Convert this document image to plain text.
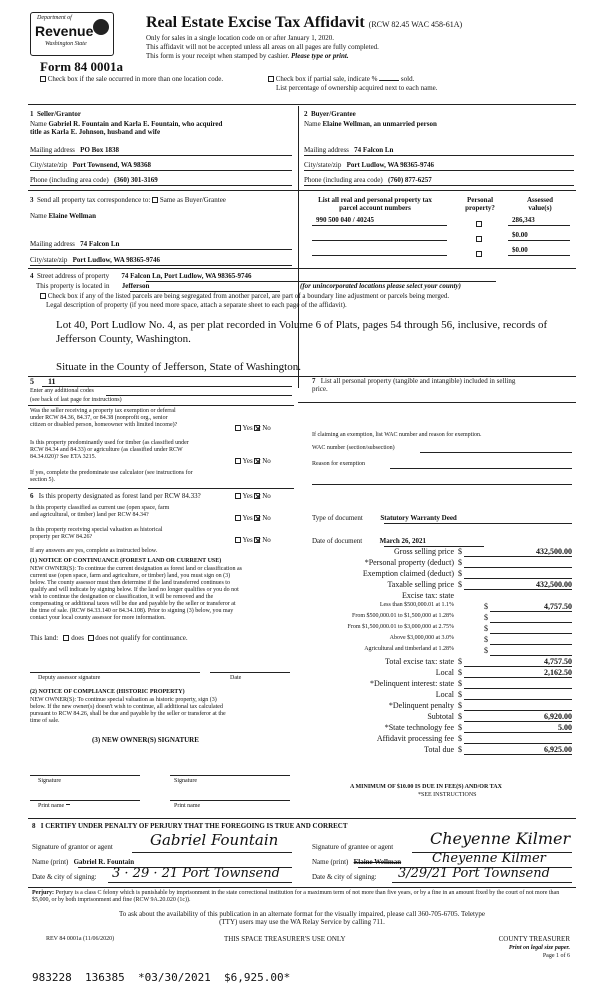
Department of
Revenue
Washington State
Real Estate Excise Tax Affidavit (RCW 82.45 WAC 458-61A)
Only for sales in a single location code on or after January 1, 2020.
This affidavit will not be accepted unless all areas on all pages are fully completed.
This form is your receipt when stamped by cashier. Please type or print.
Form 84 0001a
Check box if the sale occurred in more than one location code.	Check box if partial sale, indicate %	sold.
List percentage of ownership acquired next to each name.
1 Seller/Grantor
Name Gabriel R. Fountain and Karla E. Fountain, who acquired
title as Karla E. Johnson, husband and wife
Mailing address PO Box 1838
City/state/zip Port Townsend, WA 98368
Phone (including area code) (360) 301-3169
2 Buyer/Grantee
Name Elaine Wellman, an unmarried person
Mailing address 74 Falcon Ln
City/state/zip Port Ludlow, WA 98365-9746
Phone (including area code) (760) 877-6257
3 Send all property tax correspondence to: Same as Buyer/Grantee
Name Elaine Wellman
Mailing address 74 Falcon Ln
City/state/zip Port Ludlow, WA 98365-9746
List all real and personal property tax
parcel account numbers
Personal
property?
Assessed
value(s)
990 500 040 / 40245	286,343
$0.00
$0.00
4 Street address of property 74 Falcon Ln, Port Ludlow, WA 98365-9746
This property is located in Jefferson	(for unincorporated locations please select your county)
Check box if any of the listed parcels are being segregated from another parcel, are part of a boundary line adjustment or parcels being merged.
Legal description of property (if you need more space, attach a separate sheet to each page of the affidavit).
Lot 40, Port Ludlow No. 4, as per plat recorded in Volume 6 of Plats, pages 54 through 56, inclusive, records of
Jefferson County, Washington.
Situate in the County of Jefferson, State of Washington.
5 11
Enter any additional codes
(see back of last page for instructions)
Was the seller receiving a property tax exemption or deferral
under RCW 84.36, 84.37, or 84.38 (nonprofit org., senior
citizen or disabled person, homeowner with limited income)?	Yes No
Is this property predominantly used for timber (as classified under
RCW 84.34 and 84.33) or agriculture (as classified under RCW
84.34.020)? See ETA 3215.	Yes No
If yes, complete the predominate use calculator (see instructions for
section 5).
7 List all personal property (tangible and intangible) included in selling
price.
If claiming an exemption, list WAC number and reason for exemption.
WAC number (section/subsection)
Reason for exemption
6 Is this property designated as forest land per RCW 84.33?	Yes No
Is this property classified as current use (open space, farm
and agricultural, or timber) land per RCW 84.34?	Yes No
Is this property receiving special valuation as historical
property per RCW 84.26?	Yes No
If any answers are yes, complete as instructed below.
(1) NOTICE OF CONTINUANCE (FOREST LAND OR CURRENT USE)
NEW OWNER(S): To continue the current designation as forest land or classification as
current use (open space, farm and agriculture, or timber) land, you must sign on (3)
below. The county assessor must then determine if the land transferred continues to
qualify and will indicate by signing below. If the land no longer qualifies or you do not
wish to continue the designation or classification, it will be removed and the
compensating or additional taxes will be due and payable by the seller or transferor at
the time of sale. (RCW 84.33.140 or 84.34.108). Prior to signing (3) below, you may
contact your local county assessor for more information.
This land: does does not qualify for continuance.
Deputy assessor signature	Date
(2) NOTICE OF COMPLIANCE (HISTORIC PROPERTY)
NEW OWNER(S): To continue special valuation as historic property, sign (3)
below. If the new owner(s) doesn't wish to continue, all additional tax calculated
pursuant to RCW 84.26, shall be due and payable by the seller or transferor at the
time of sale.
(3) NEW OWNER(S) SIGNATURE
Signature	Signature
Print name	Print name
Type of document	Statutory Warranty Deed
Date of document	March 26, 2021
Gross selling price $	432,500.00
*Personal property (deduct) $
Exemption claimed (deduct) $
Taxable selling price $	432,500.00
Excise tax: state
Less than $500,000.01 at 1.1%	$	4,757.50
From $500,000.01 to $1,500,000 at 1.28%	$
From $1,500,000.01 to $3,000,000 at 2.75%	$
Above $3,000,000 at 3.0%	$
Agricultural and timberland at 1.28%	$
Total excise tax: state $	4,757.50
Local $	2,162.50
*Delinquent interest: state $
Local $
*Delinquent penalty $
Subtotal $	6,920.00
*State technology fee $	5.00
Affidavit processing fee $
Total due $	6,925.00
A MINIMUM OF $10.00 IS DUE IN FEE(S) AND/OR TAX
*SEE INSTRUCTIONS
8 I CERTIFY UNDER PENALTY OF PERJURY THAT THE FOREGOING IS TRUE AND CORRECT
Signature of grantor or agent Gabriel Fountain
Name (print) Gabriel R. Fountain
Date & city of signing: 3 · 29 · 21 Port Townsend
Signature of grantee or agent Cheyenne Kilmer
Name (print) Elaine Wellman Cheyenne Kilmer
Date & city of signing: 3/29/21 Port Townsend
Perjury: Perjury is a class C felony which is punishable by imprisonment in the state correctional institution for a maximum term of not more than five years, or by a fine in an amount fixed by the court of not more than $5,000, or by both imprisonment and fine (RCW 9A.20.020 (1c)).
To ask about the availability of this publication in an alternate format for the visually impaired, please call 360-705-6705. Teletype
(TTY) users may use the WA Relay Service by calling 711.
REV 84 0001a (11/06/2020)	THIS SPACE TREASURER'S USE ONLY	COUNTY TREASURER
Print on legal size paper.
Page 1 of 6
983228  136385  *03/30/2021  $6,925.00*
